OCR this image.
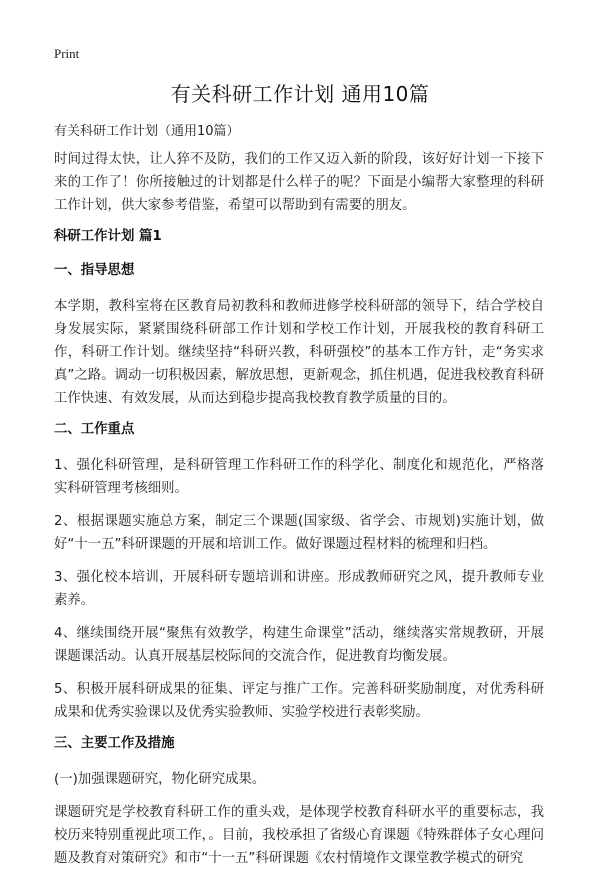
Print
有关科研工作计划 通用10篇

有关科研工作计划（通用10篇）

时间过得太快，让人猝不及防，我们的工作又迈入新的阶段，该好好计划一下接下来的工作了！你所接触过的计划都是什么样子的呢？下面是小编帮大家整理的科研工作计划，供大家参考借鉴，希望可以帮助到有需要的朋友。

科研工作计划 篇1
一、指导思想

本学期，教科室将在区教育局初教科和教师进修学校科研部的领导下，结合学校自身发展实际，紧紧围绕科研部工作计划和学校工作计划，开展我校的教育科研工作，科研工作计划。继续坚持“科研兴教，科研强校”的基本工作方针，走“务实求真”之路。调动一切积极因素，解放思想，更新观念，抓住机遇，促进我校教育科研工作快速、有效发展，从而达到稳步提高我校教育教学质量的目的。

二、工作重点

1、强化科研管理，是科研管理工作科研工作的科学化、制度化和规范化，严格落实科研管理考核细则。

2、根据课题实施总方案，制定三个课题(国家级、省学会、市规划)实施计划，做好“十一五”科研课题的开展和培训工作。做好课题过程材料的梳理和归档。

3、强化校本培训，开展科研专题培训和讲座。形成教师研究之风，提升教师专业素养。

4、继续围绕开展“聚焦有效教学，构建生命课堂”活动，继续落实常规教研，开展课题课活动。认真开展基层校际间的交流合作，促进教育均衡发展。

5、积极开展科研成果的征集、评定与推广工作。完善科研奖励制度，对优秀科研成果和优秀实验课以及优秀实验教师、实验学校进行表彰奖励。

三、主要工作及措施

(一)加强课题研究，物化研究成果。

课题研究是学校教育科研工作的重头戏，是体现学校教育科研水平的重要标志，我校历来特别重视此项工作，。目前，我校承担了省级心育课题《特殊群体子女心理问题及教育对策研究》和市“十一五”科研课题《农村情境作文课堂教学模式的研究
